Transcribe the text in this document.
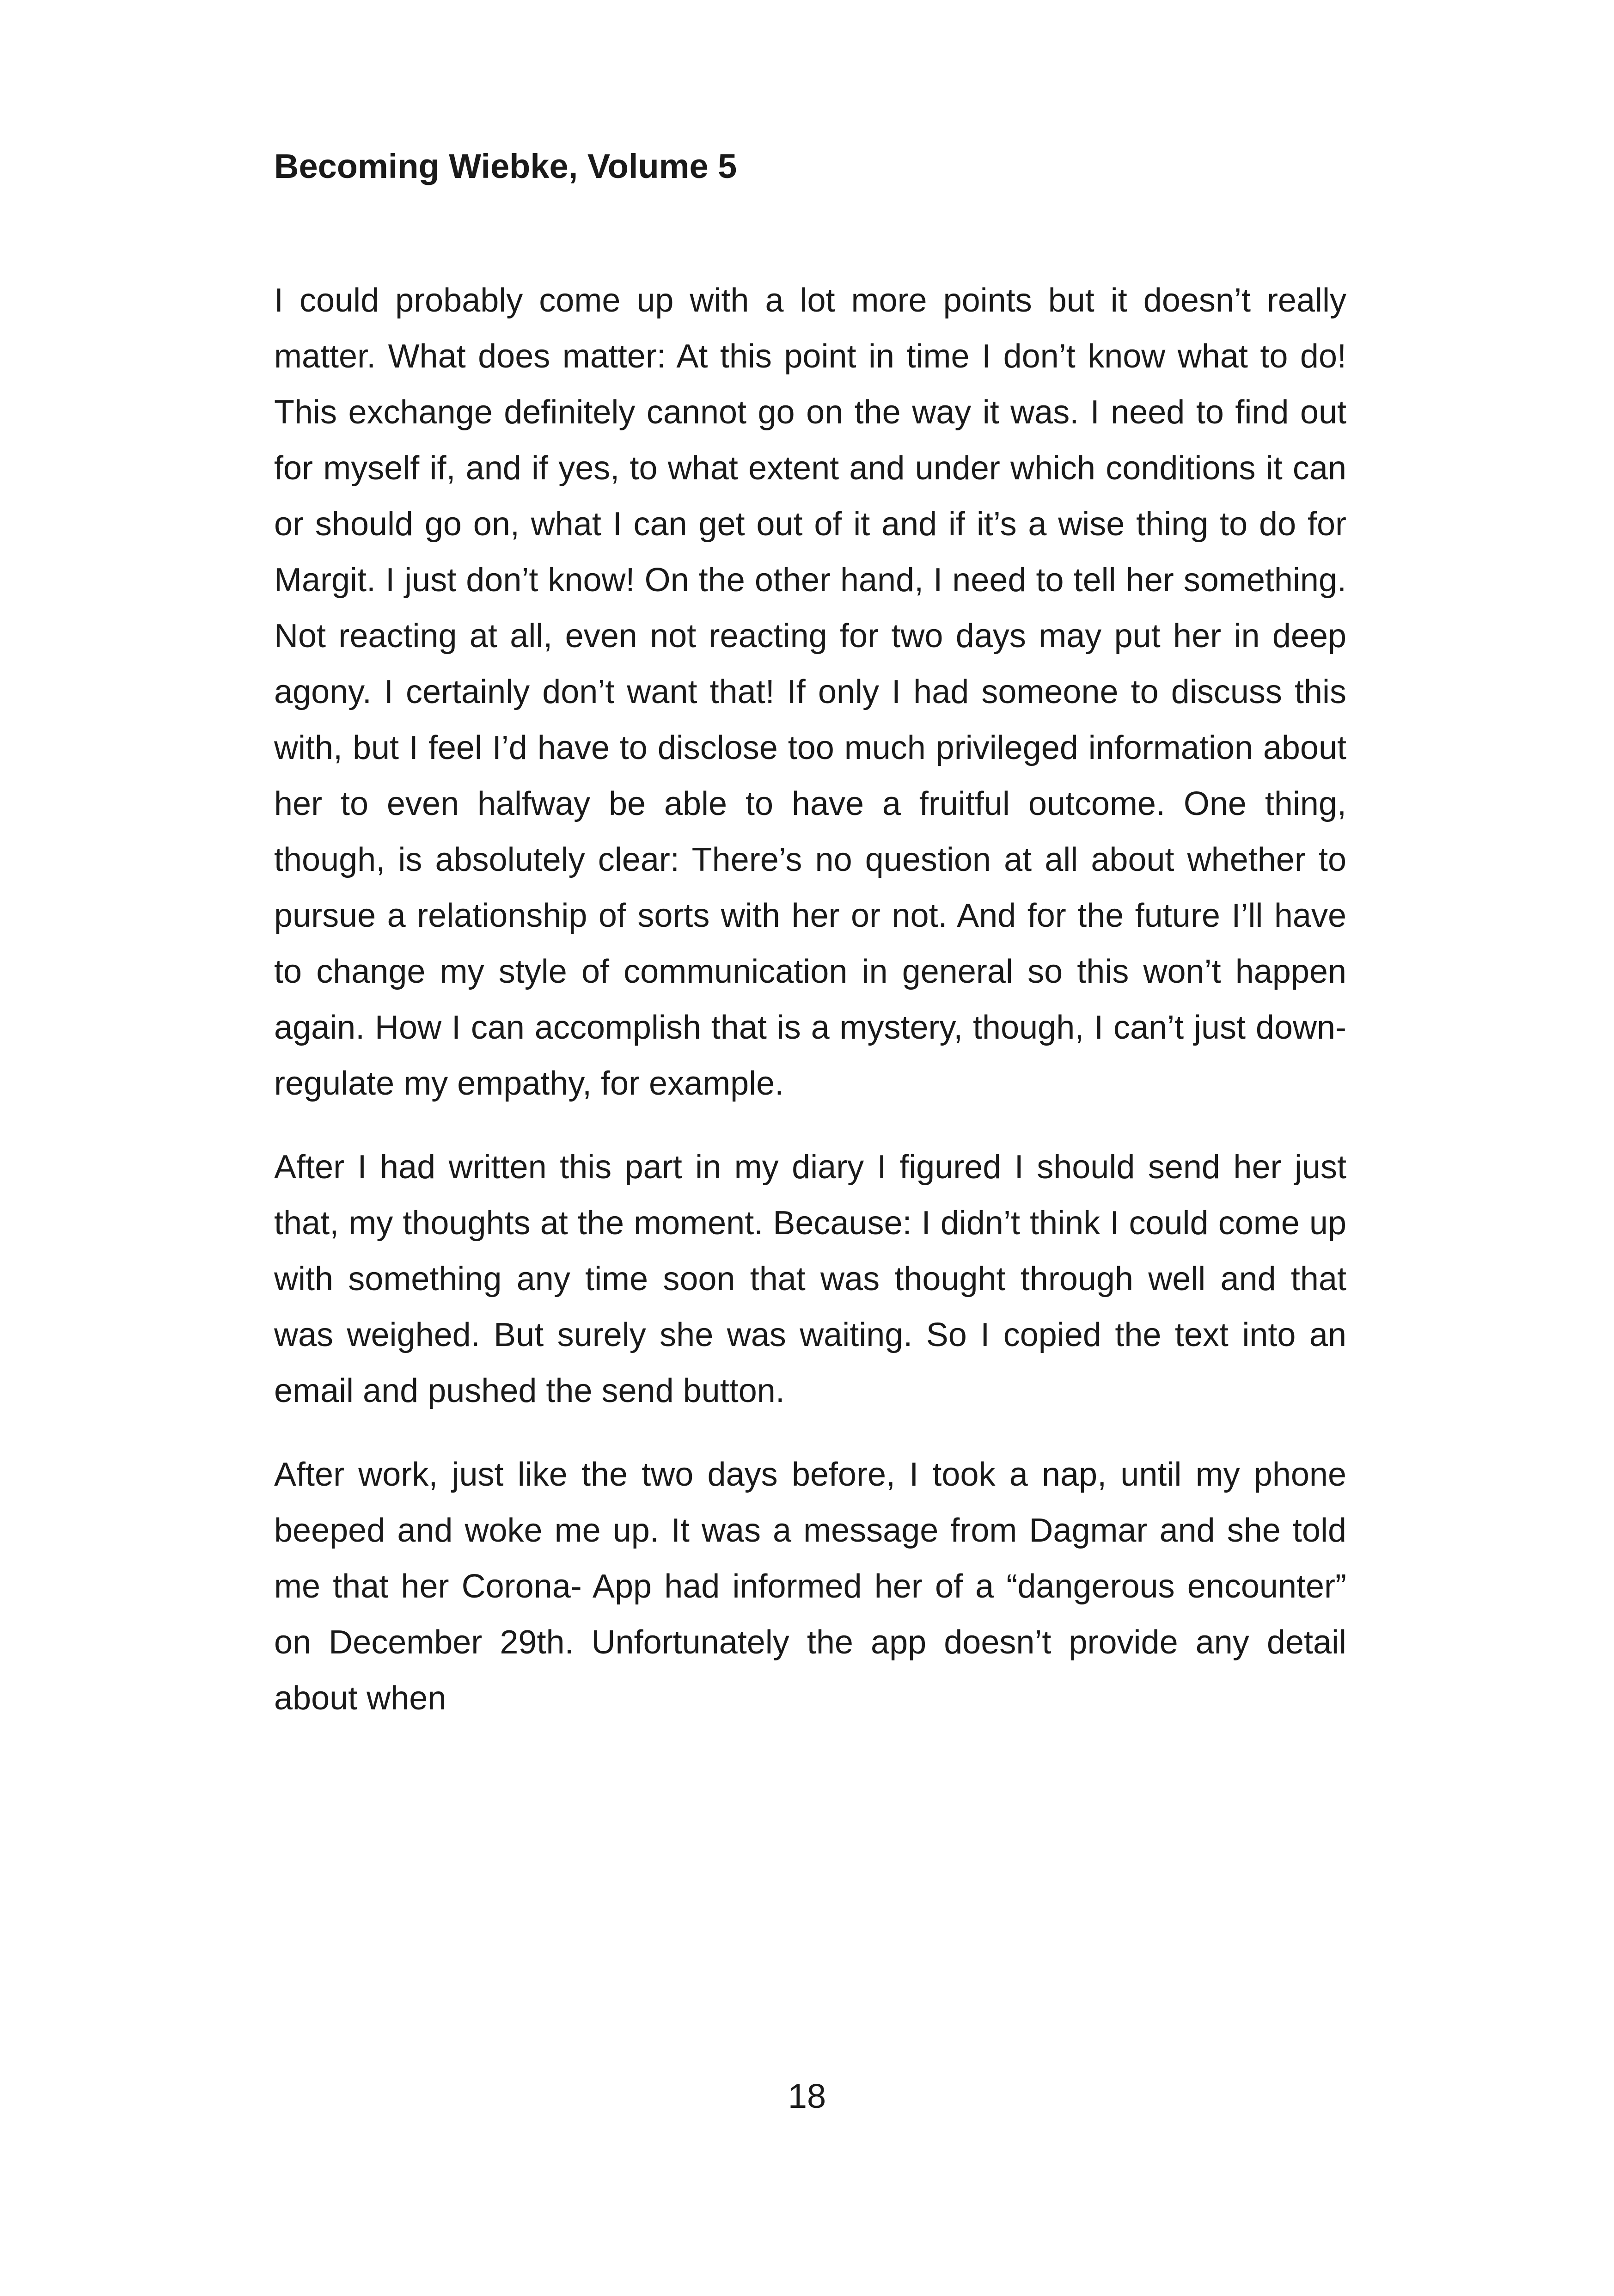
Becoming Wiebke, Volume 5

I could probably come up with a lot more points but it doesn’t really matter. What does matter: At this point in time I don’t know what to do! This exchange definitely cannot go on the way it was. I need to find out for myself if, and if yes, to what extent and under which conditions it can or should go on, what I can get out of it and if it’s a wise thing to do for Margit. I just don’t know! On the other hand, I need to tell her something. Not reacting at all, even not reacting for two days may put her in deep agony. I certainly don’t want that! If only I had someone to discuss this with, but I feel I’d have to disclose too much privileged information about her to even halfway be able to have a fruitful outcome. One thing, though, is absolutely clear: There’s no question at all about whether to pursue a relationship of sorts with her or not. And for the future I’ll have to change my style of communication in general so this won’t happen again. How I can accomplish that is a mystery, though, I can’t just down- regulate my empathy, for example.

After I had written this part in my diary I figured I should send her just that, my thoughts at the moment. Because: I didn’t think I could come up with something any time soon that was thought through well and that was weighed. But surely she was waiting. So I copied the text into an email and pushed the send button.

After work, just like the two days before, I took a nap, until my phone beeped and woke me up. It was a message from Dagmar and she told me that her Corona- App had informed her of a “dangerous encounter” on December 29th. Unfortunately the app doesn’t provide any detail about when

18
